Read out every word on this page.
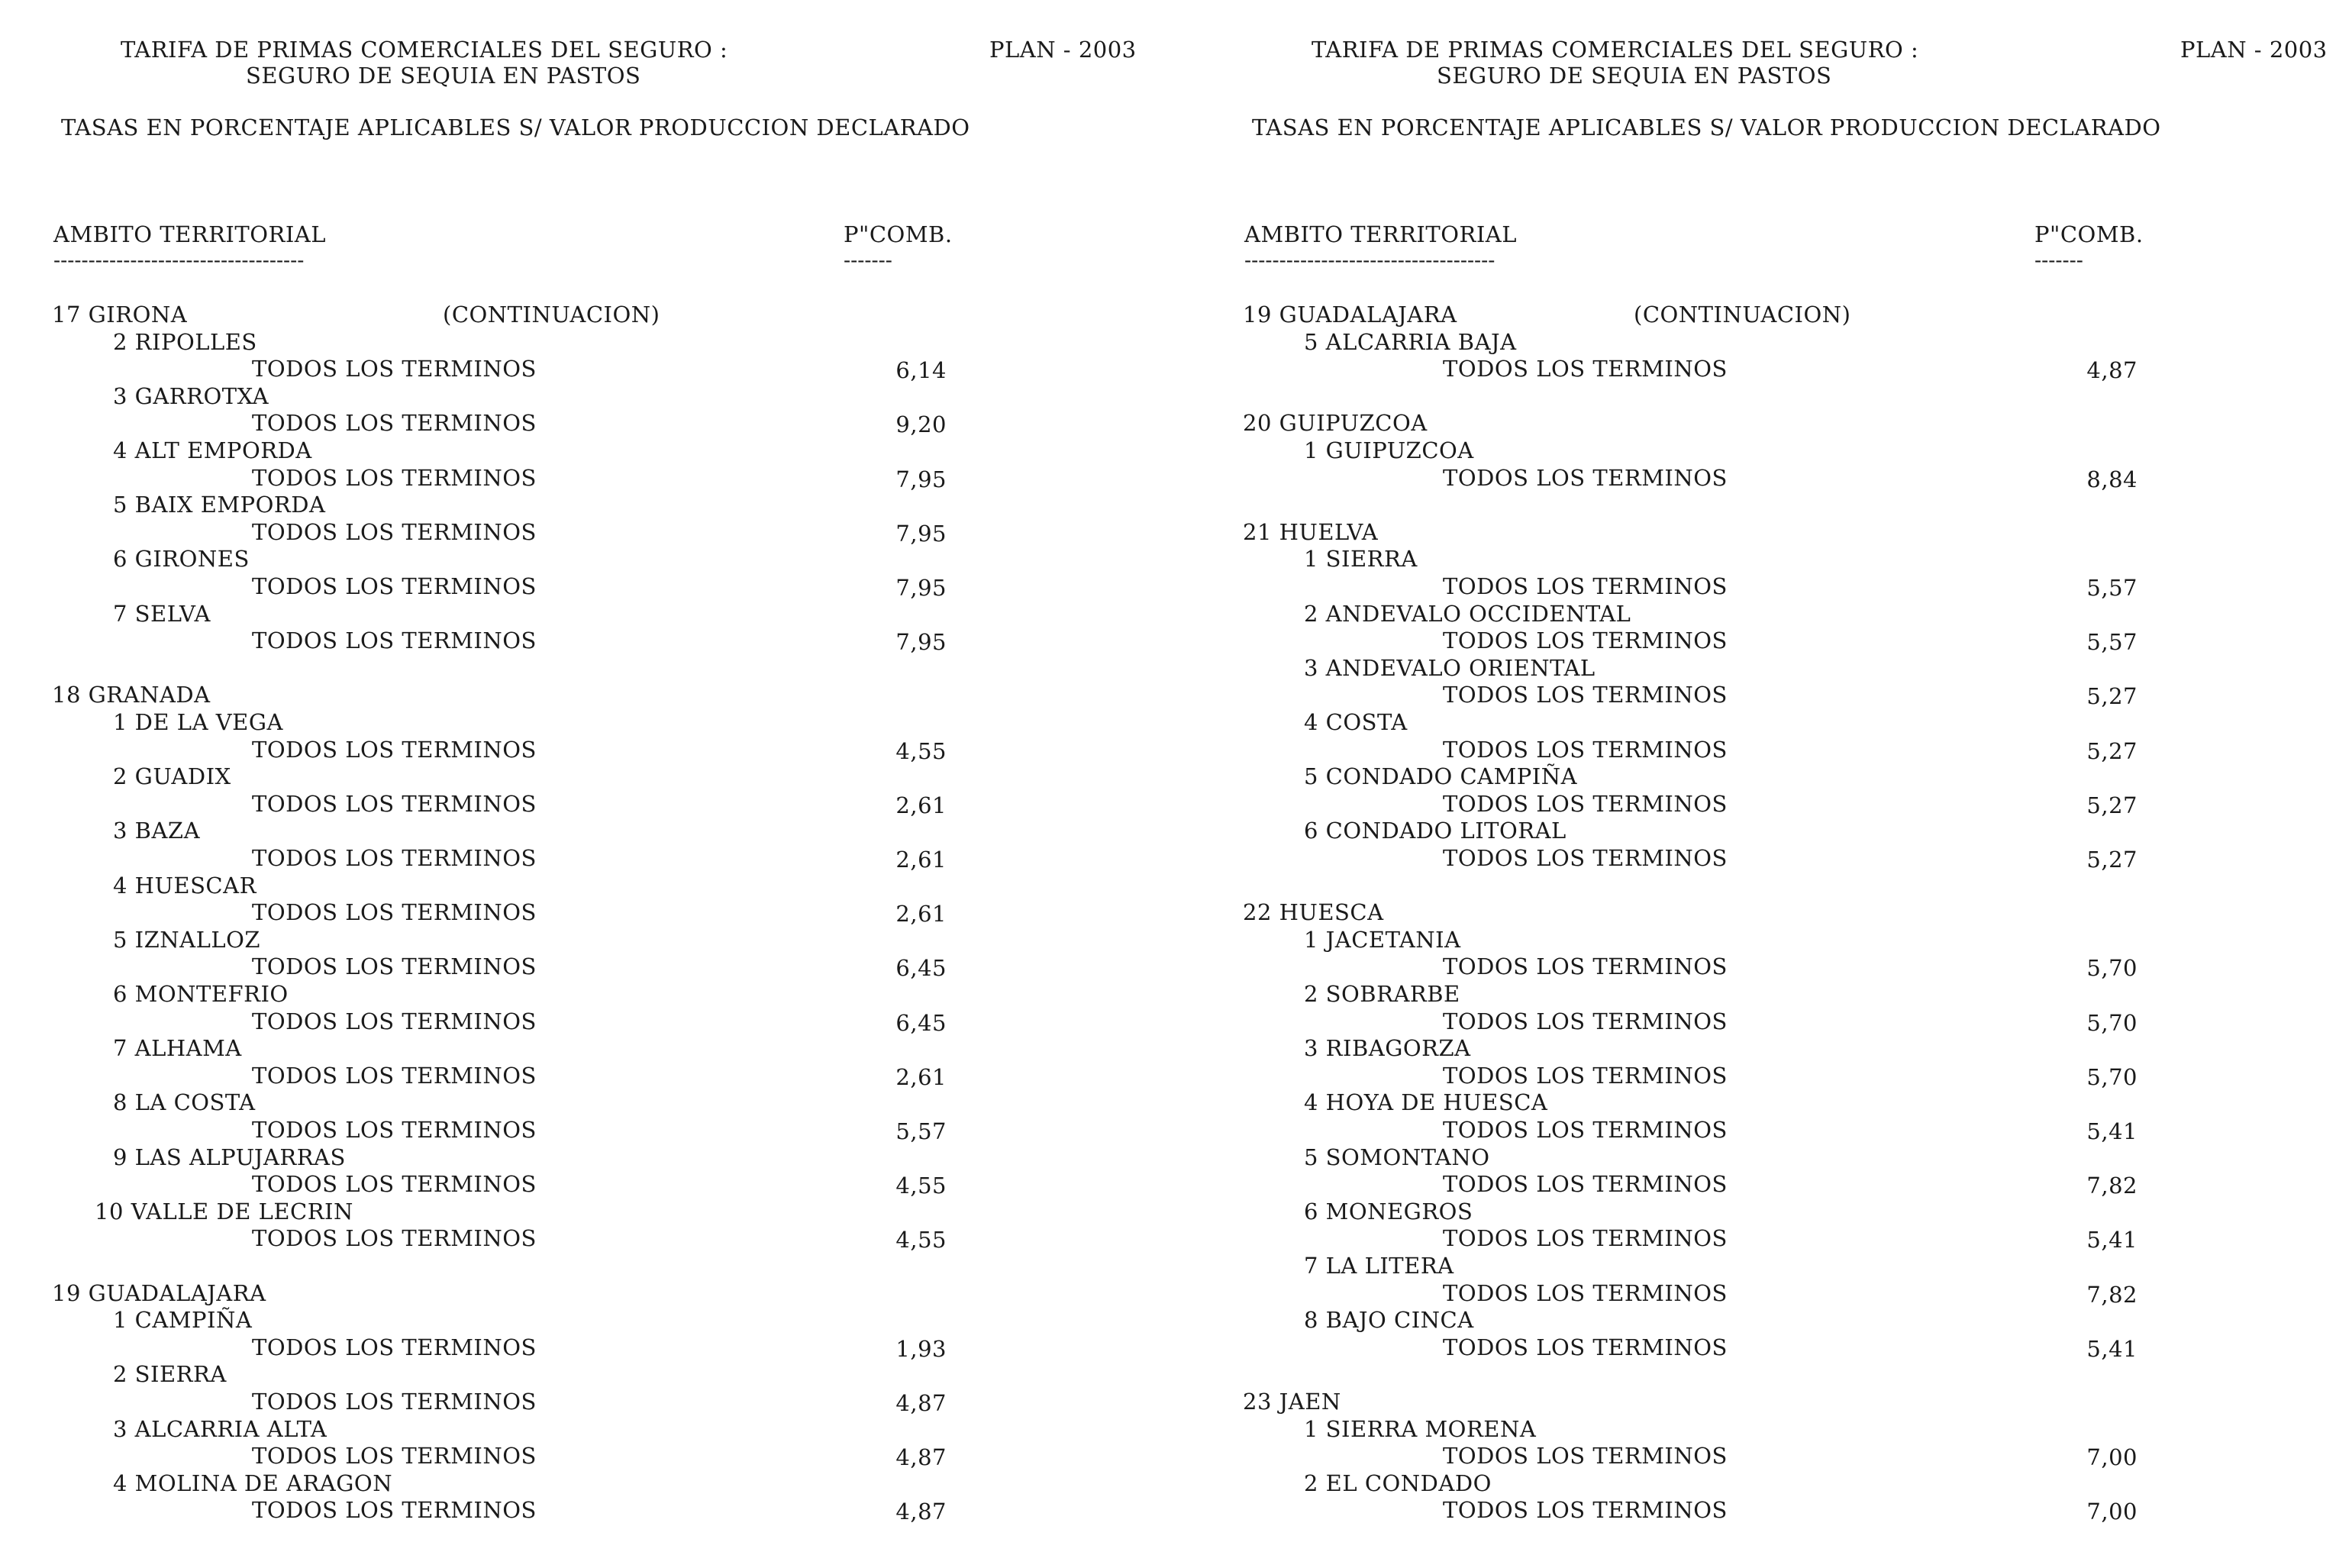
TARIFA DE PRIMAS COMERCIALES DEL SEGURO :
SEGURO DE SEQUIA EN PASTOS
PLAN - 2003
TASAS EN PORCENTAJE APLICABLES S/ VALOR PRODUCCION DECLARADO
AMBITO TERRITORIAL
------------------------------------
P"COMB.
-------
17 GIRONA	(CONTINUACION)
2 RIPOLLES
TODOS LOS TERMINOS	6,14
3 GARROTXA
TODOS LOS TERMINOS	9,20
4 ALT EMPORDA
TODOS LOS TERMINOS	7,95
5 BAIX EMPORDA
TODOS LOS TERMINOS	7,95
6 GIRONES
TODOS LOS TERMINOS	7,95
7 SELVA
TODOS LOS TERMINOS	7,95
18 GRANADA
1 DE LA VEGA
TODOS LOS TERMINOS	4,55
2 GUADIX
TODOS LOS TERMINOS	2,61
3 BAZA
TODOS LOS TERMINOS	2,61
4 HUESCAR
TODOS LOS TERMINOS	2,61
5 IZNALLOZ
TODOS LOS TERMINOS	6,45
6 MONTEFRIO
TODOS LOS TERMINOS	6,45
7 ALHAMA
TODOS LOS TERMINOS	2,61
8 LA COSTA
TODOS LOS TERMINOS	5,57
9 LAS ALPUJARRAS
TODOS LOS TERMINOS	4,55
10 VALLE DE LECRIN
TODOS LOS TERMINOS	4,55
19 GUADALAJARA
1 CAMPIÑA
TODOS LOS TERMINOS	1,93
2 SIERRA
TODOS LOS TERMINOS	4,87
3 ALCARRIA ALTA
TODOS LOS TERMINOS	4,87
4 MOLINA DE ARAGON
TODOS LOS TERMINOS	4,87
TARIFA DE PRIMAS COMERCIALES DEL SEGURO :
SEGURO DE SEQUIA EN PASTOS
PLAN - 2003
TASAS EN PORCENTAJE APLICABLES S/ VALOR PRODUCCION DECLARADO
AMBITO TERRITORIAL
------------------------------------
P"COMB.
-------
19 GUADALAJARA	(CONTINUACION)
5 ALCARRIA BAJA
TODOS LOS TERMINOS	4,87
20 GUIPUZCOA
1 GUIPUZCOA
TODOS LOS TERMINOS	8,84
21 HUELVA
1 SIERRA
TODOS LOS TERMINOS	5,57
2 ANDEVALO OCCIDENTAL
TODOS LOS TERMINOS	5,57
3 ANDEVALO ORIENTAL
TODOS LOS TERMINOS	5,27
4 COSTA
TODOS LOS TERMINOS	5,27
5 CONDADO CAMPIÑA
TODOS LOS TERMINOS	5,27
6 CONDADO LITORAL
TODOS LOS TERMINOS	5,27
22 HUESCA
1 JACETANIA
TODOS LOS TERMINOS	5,70
2 SOBRARBE
TODOS LOS TERMINOS	5,70
3 RIBAGORZA
TODOS LOS TERMINOS	5,70
4 HOYA DE HUESCA
TODOS LOS TERMINOS	5,41
5 SOMONTANO
TODOS LOS TERMINOS	7,82
6 MONEGROS
TODOS LOS TERMINOS	5,41
7 LA LITERA
TODOS LOS TERMINOS	7,82
8 BAJO CINCA
TODOS LOS TERMINOS	5,41
23 JAEN
1 SIERRA MORENA
TODOS LOS TERMINOS	7,00
2 EL CONDADO
TODOS LOS TERMINOS	7,00
